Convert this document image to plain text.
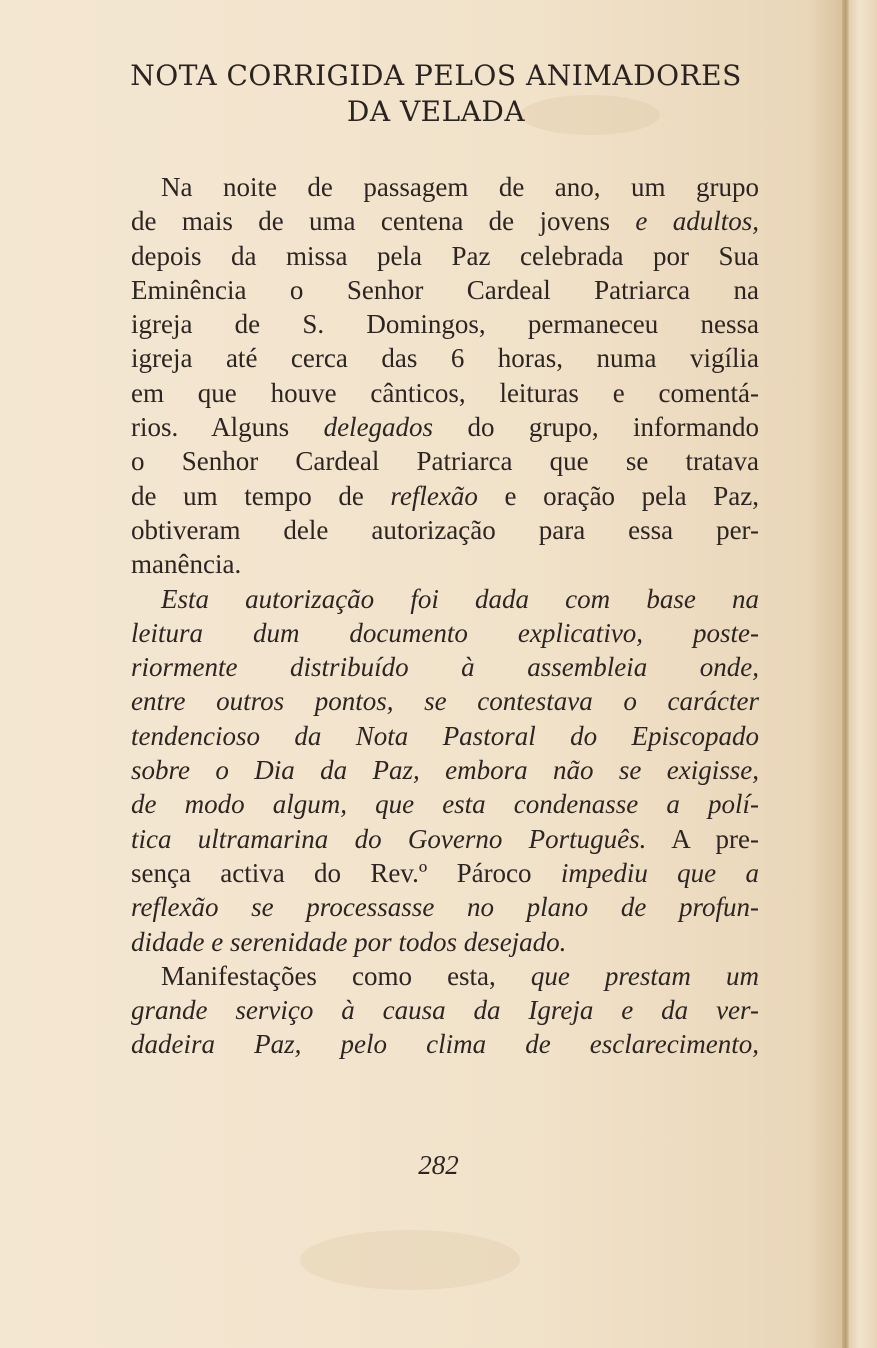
NOTA CORRIGIDA PELOS ANIMADORES
DA VELADA
Na noite de passagem de ano, um grupo
de mais de uma centena de jovens e adultos,
depois da missa pela Paz celebrada por Sua
Eminência o Senhor Cardeal Patriarca na
igreja de S. Domingos, permaneceu nessa
igreja até cerca das 6 horas, numa vigília
em que houve cânticos, leituras e comentá-
rios. Alguns delegados do grupo, informando
o Senhor Cardeal Patriarca que se tratava
de um tempo de reflexão e oração pela Paz,
obtiveram dele autorização para essa per-
manência.
Esta autorização foi dada com base na
leitura dum documento explicativo, poste-
riormente distribuído à assembleia onde,
entre outros pontos, se contestava o carácter
tendencioso da Nota Pastoral do Episcopado
sobre o Dia da Paz, embora não se exigisse,
de modo algum, que esta condenasse a polí-
tica ultramarina do Governo Português. A pre-
sença activa do Rev.º Pároco impediu que a
reflexão se processasse no plano de profun-
didade e serenidade por todos desejado.
Manifestações como esta, que prestam um
grande serviço à causa da Igreja e da ver-
dadeira Paz, pelo clima de esclarecimento,
282
